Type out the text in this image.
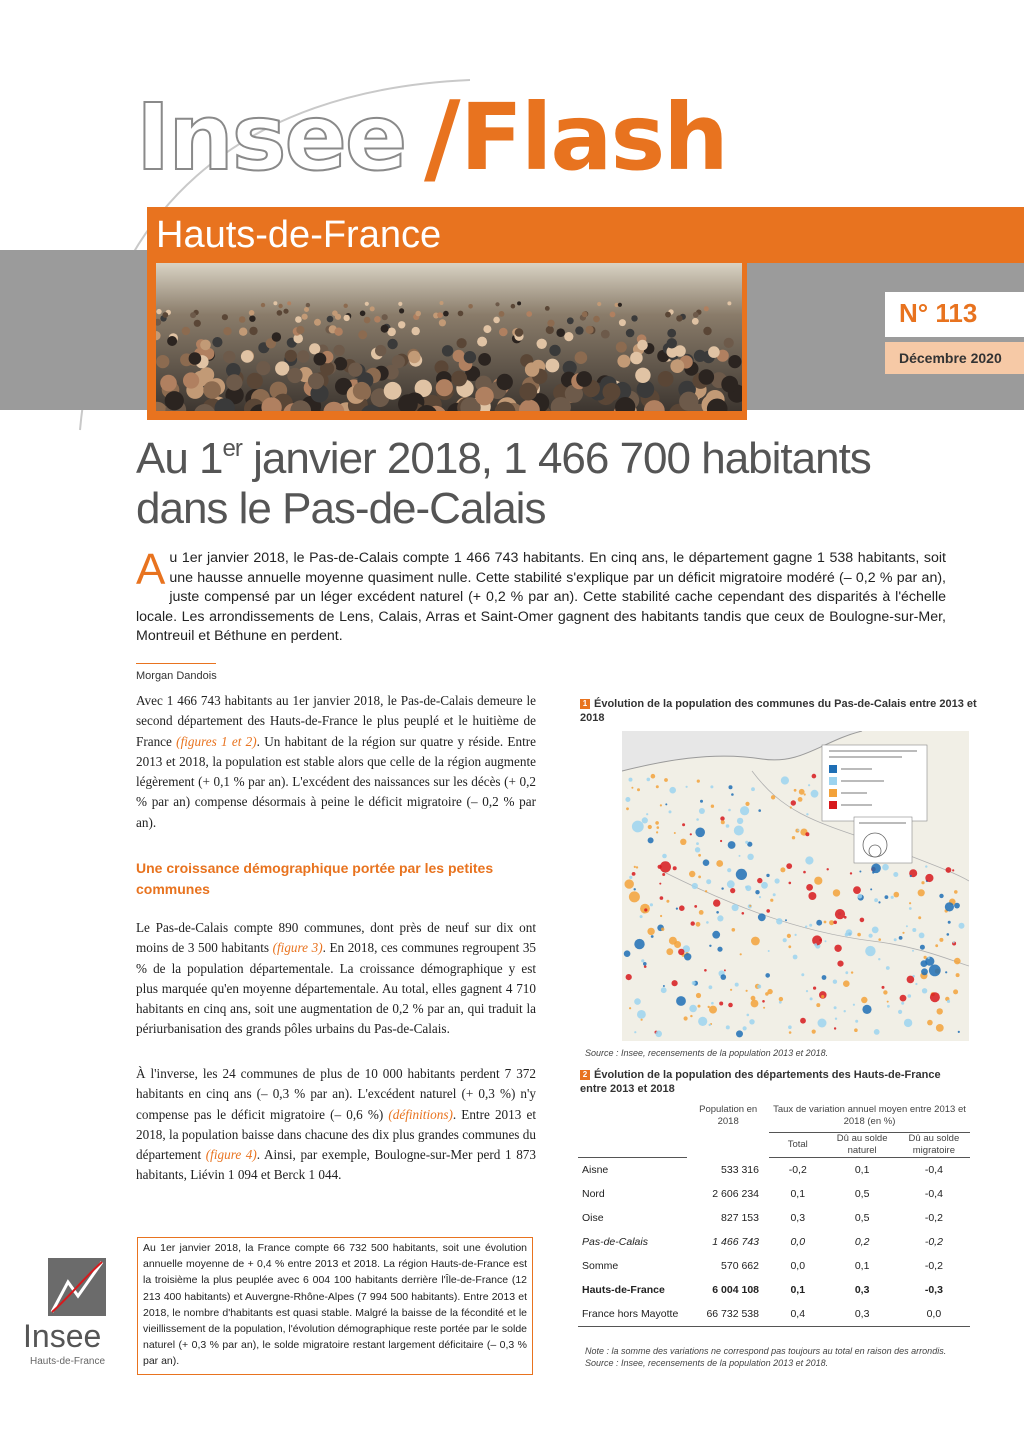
Insee / Flash
Hauts-de-France
N° 113
Décembre 2020
Au 1er janvier 2018, 1 466 700 habitants
dans le Pas-de-Calais
Au 1er janvier 2018, le Pas-de-Calais compte 1 466 743 habitants. En cinq ans, le département gagne 1 538 habitants, soit une hausse annuelle moyenne quasiment nulle. Cette stabilité s'explique par un déficit migratoire modéré (– 0,2 % par an), juste compensé par un léger excédent naturel (+ 0,2 % par an). Cette stabilité cache cependant des disparités à l'échelle locale. Les arrondissements de Lens, Calais, Arras et Saint-Omer gagnent des habitants tandis que ceux de Boulogne-sur-Mer, Montreuil et Béthune en perdent.
Morgan Dandois

Avec 1 466 743 habitants au 1er janvier 2018, le Pas-de-Calais demeure le second département des Hauts-de-France le plus peuplé et le huitième de France (figures 1 et 2). Un habitant de la région sur quatre y réside. Entre 2013 et 2018, la population est stable alors que celle de la région augmente légèrement (+ 0,1 % par an). L'excédent des naissances sur les décès (+ 0,2 % par an) compense désormais à peine le déficit migratoire (– 0,2 % par an).

Une croissance démographique portée par les petites communes

Le Pas-de-Calais compte 890 communes, dont près de neuf sur dix ont moins de 3 500 habitants (figure 3). En 2018, ces communes regroupent 35 % de la population départementale. La croissance démographique y est plus marquée qu'en moyenne départementale. Au total, elles gagnent 4 710 habitants en cinq ans, soit une augmentation de 0,2 % par an, qui traduit la périurbanisation des grands pôles urbains du Pas-de-Calais.

À l'inverse, les 24 communes de plus de 10 000 habitants perdent 7 372 habitants en cinq ans (– 0,3 % par an). L'excédent naturel (+ 0,3 %) n'y compense pas le déficit migratoire (– 0,6 %) (définitions). Entre 2013 et 2018, la population baisse dans chacune des dix plus grandes communes du département (figure 4). Ainsi, par exemple, Boulogne-sur-Mer perd 1 873 habitants, Liévin 1 094 et Berck 1 044.

Au 1er janvier 2018, la France compte 66 732 500 habitants, soit une évolution annuelle moyenne de + 0,4 % entre 2013 et 2018. La région Hauts-de-France est la troisième la plus peuplée avec 6 004 100 habitants derrière l'Île-de-France (12 213 400 habitants) et Auvergne-Rhône-Alpes (7 994 500 habitants). Entre 2013 et 2018, le nombre d'habitants est quasi stable. Malgré la baisse de la fécondité et le vieillissement de la population, l'évolution démographique reste portée par le solde naturel (+ 0,3 % par an), le solde migratoire restant largement déficitaire (– 0,3 % par an).
Insee
Hauts-de-France
1 Évolution de la population des communes du Pas-de-Calais entre 2013 et 2018
Source : Insee, recensements de la population 2013 et 2018.
2 Évolution de la population des départements des Hauts-de-France entre 2013 et 2018
	Population en 2018	Taux de variation annuel moyen entre 2013 et 2018 (en %)		
		Total	Dû au solde naturel	Dû au solde migratoire
Aisne	533 316	-0,2	0,1	-0,4
Nord	2 606 234	0,1	0,5	-0,4
Oise	827 153	0,3	0,5	-0,2
Pas-de-Calais	1 466 743	0,0	0,2	-0,2
Somme	570 662	0,0	0,1	-0,2
Hauts-de-France	6 004 108	0,1	0,3	-0,3
France hors Mayotte	66 732 538	0,4	0,3	0,0
Note : la somme des variations ne correspond pas toujours au total en raison des arrondis.
Source : Insee, recensements de la population 2013 et 2018.
